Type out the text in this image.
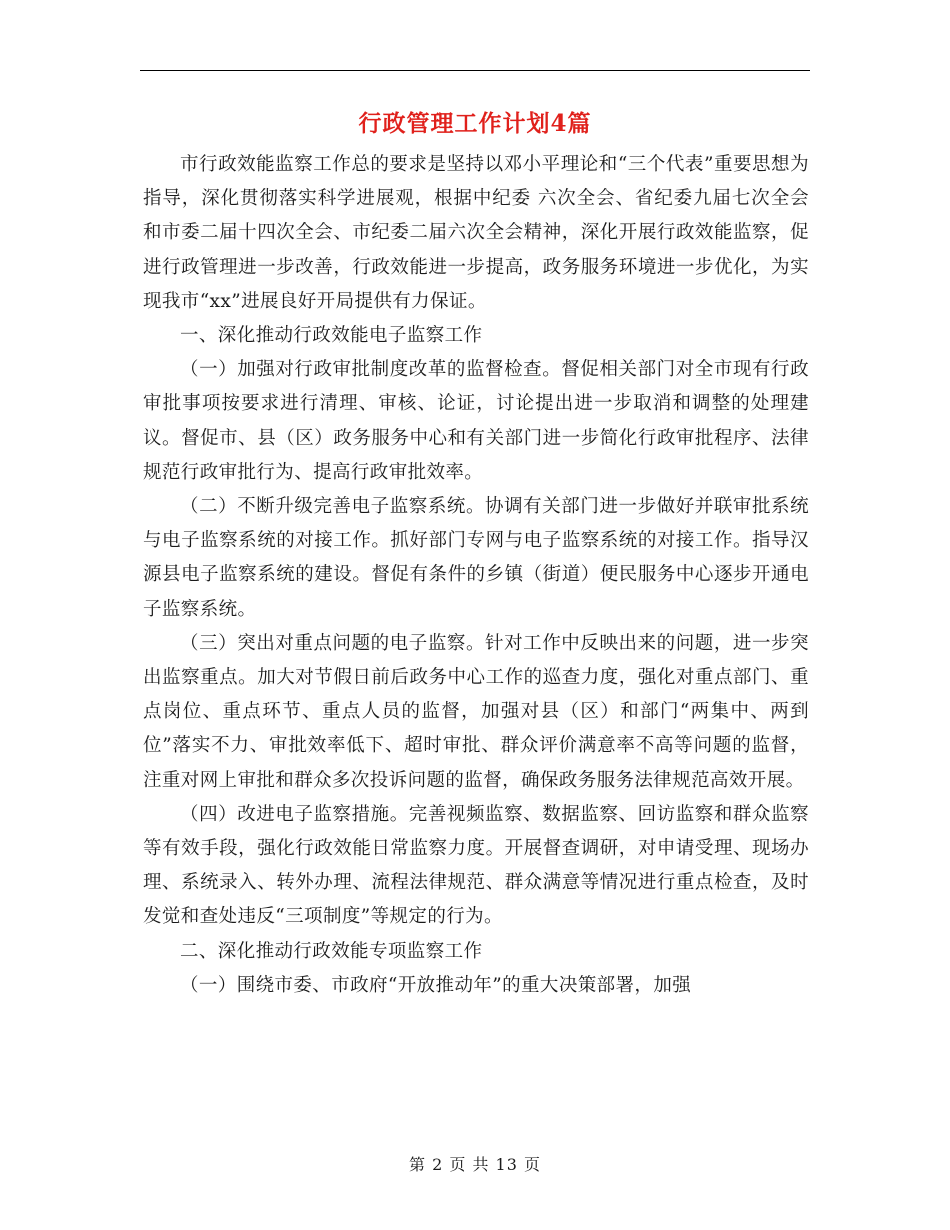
行政管理工作计划4篇

市行政效能监察工作总的要求是坚持以邓小平理论和“三个代表”重要思想为指导，深化贯彻落实科学进展观，根据中纪委 六次全会、省纪委九届七次全会和市委二届十四次全会、市纪委二届六次全会精神，深化开展行政效能监察，促进行政管理进一步改善，行政效能进一步提高，政务服务环境进一步优化，为实现我市“xx”进展良好开局提供有力保证。

一、深化推动行政效能电子监察工作

（一）加强对行政审批制度改革的监督检查。督促相关部门对全市现有行政审批事项按要求进行清理、审核、论证，讨论提出进一步取消和调整的处理建议。督促市、县（区）政务服务中心和有关部门进一步简化行政审批程序、法律规范行政审批行为、提高行政审批效率。

（二）不断升级完善电子监察系统。协调有关部门进一步做好并联审批系统与电子监察系统的对接工作。抓好部门专网与电子监察系统的对接工作。指导汉源县电子监察系统的建设。督促有条件的乡镇（街道）便民服务中心逐步开通电子监察系统。

（三）突出对重点问题的电子监察。针对工作中反映出来的问题，进一步突出监察重点。加大对节假日前后政务中心工作的巡查力度，强化对重点部门、重点岗位、重点环节、重点人员的监督，加强对县（区）和部门“两集中、两到位”落实不力、审批效率低下、超时审批、群众评价满意率不高等问题的监督，注重对网上审批和群众多次投诉问题的监督，确保政务服务法律规范高效开展。

（四）改进电子监察措施。完善视频监察、数据监察、回访监察和群众监察等有效手段，强化行政效能日常监察力度。开展督查调研，对申请受理、现场办理、系统录入、转外办理、流程法律规范、群众满意等情况进行重点检查，及时发觉和查处违反“三项制度”等规定的行为。

二、深化推动行政效能专项监察工作

（一）围绕市委、市政府“开放推动年”的重大决策部署，加强

第 2 页 共 13 页
